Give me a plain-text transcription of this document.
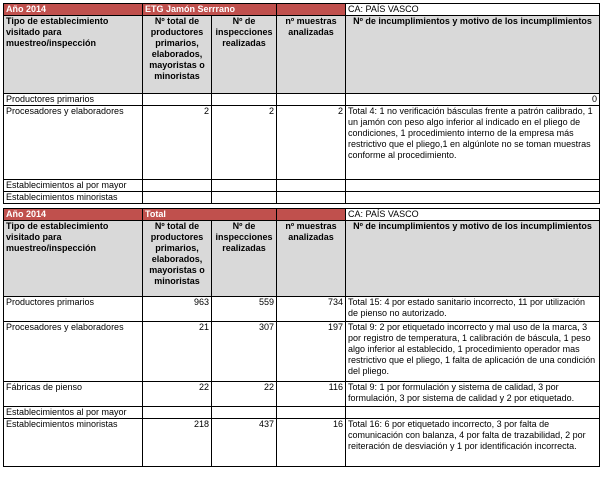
Año 2014	ETG Jamón Serrrano			CA: PAÍS VASCO
Tipo de establecimiento visitado para muestreo/inspección	Nº total de productores primarios, elaborados, mayoristas o minoristas	Nº de inspecciones realizadas	nº muestras analizadas	Nº de incumplimientos y motivo de los incumplimientos
Productores primarios				0
Procesadores y elaboradores	2	2	2	Total 4: 1 no verificación básculas frente a patrón calibrado, 1 un jamón con peso algo inferior al indicado en el pliego de condiciones, 1 procedimiento interno de la empresa más restrictivo que el pliego,1 en algúnlote no se toman muestras conforme al procedimiento.
Establecimientos al por mayor				
Establecimientos minoristas				
Año 2014	Total			CA: PAÍS VASCO
Tipo de establecimiento visitado para muestreo/inspección	Nº total de productores primarios, elaborados, mayoristas o minoristas	Nº de inspecciones realizadas	nº muestras analizadas	Nº de incumplimientos y motivo de los incumplimientos
Productores primarios	963	559	734	Total 15: 4 por estado sanitario incorrecto, 11 por utilización de pienso no autorizado.
Procesadores y elaboradores	21	307	197	Total 9: 2 por etiquetado incorrecto y mal uso de la marca, 3 por registro de temperatura, 1 calibración de báscula, 1 peso algo inferior al establecido, 1 procedimiento operador mas restrictivo que el pliego, 1 falta de aplicación de una condición del pliego.
Fábricas de pienso	22	22	116	Total 9: 1 por formulación y sistema de calidad, 3 por formulación, 3 por sistema de calidad y 2 por etiquetado.
Establecimientos al por mayor				
Establecimientos minoristas	218	437	16	Total 16: 6 por etiquetado incorrecto, 3 por falta de comunicación con balanza, 4 por falta de trazabilidad, 2 por reiteración de desviación y 1 por identificación incorrecta.
